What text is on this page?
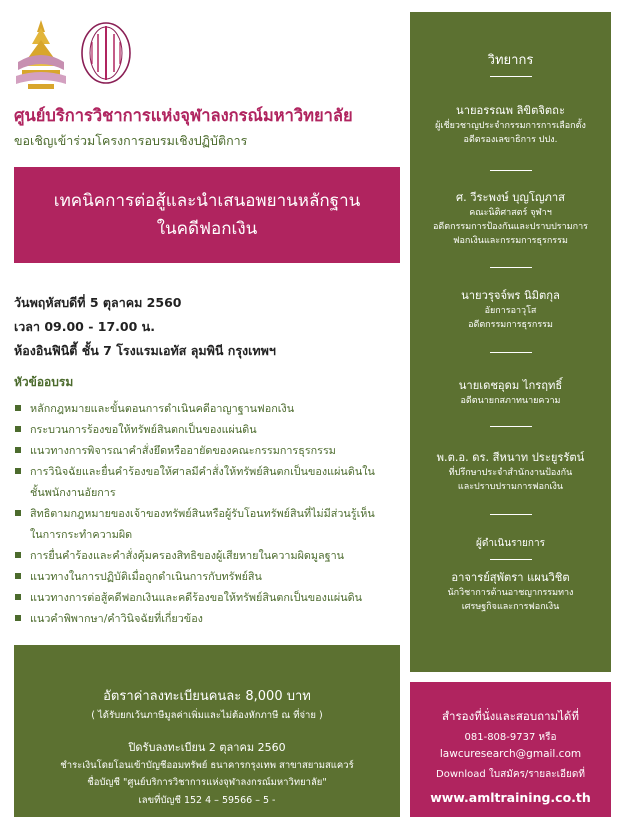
ศูนย์บริการวิชาการแห่งจุฬาลงกรณ์มหาวิทยาลัย
ขอเชิญเข้าร่วมโครงการอบรมเชิงปฏิบัติการ
เทคนิคการต่อสู้และนำเสนอพยานหลักฐาน
ในคดีฟอกเงิน
วันพฤหัสบดีที่ 5 ตุลาคม 2560
เวลา 09.00 - 17.00 น.
ห้องอินฟินิตี้ ชั้น 7 โรงแรมเอทัส ลุมพินี กรุงเทพฯ
หัวข้ออบรม
หลักกฎหมายและขั้นตอนการดำเนินคดีอาญาฐานฟอกเงิน
กระบวนการร้องขอให้ทรัพย์สินตกเป็นของแผ่นดิน
แนวทางการพิจารณาคำสั่งยึดหรืออายัดของคณะกรรมการธุรกรรม
การวินิจฉัยและยื่นคำร้องขอให้ศาลมีคำสั่งให้ทรัพย์สินตกเป็นของแผ่นดินใน
ชั้นพนักงานอัยการ
สิทธิตามกฎหมายของเจ้าของทรัพย์สินหรือผู้รับโอนทรัพย์สินที่ไม่มีส่วนรู้เห็น
ในการกระทำความผิด
การยื่นคำร้องและคำสั่งคุ้มครองสิทธิของผู้เสียหายในความผิดมูลฐาน
แนวทางในการปฏิบัติเมื่อถูกดำเนินการกับทรัพย์สิน
แนวทางการต่อสู้คดีฟอกเงินและคดีร้องขอให้ทรัพย์สินตกเป็นของแผ่นดิน
แนวคำพิพากษา/คำวินิจฉัยที่เกี่ยวข้อง
อัตราค่าลงทะเบียนคนละ 8,000 บาท
( ได้รับยกเว้นภาษีมูลค่าเพิ่มและไม่ต้องหักภาษี ณ ที่จ่าย )
ปิดรับลงทะเบียน 2 ตุลาคม 2560
ชำระเงินโดยโอนเข้าบัญชีออมทรัพย์ ธนาคารกรุงเทพ สาขาสยามสแควร์
ชื่อบัญชี "ศูนย์บริการวิชาการแห่งจุฬาลงกรณ์มหาวิทยาลัย"
เลขที่บัญชี 152 4 – 59566 – 5 -
วิทยากร
นายอรรณพ ลิขิตจิตถะ
ผู้เชี่ยวชาญประจำกรรมการการเลือกตั้ง
อดีตรองเลขาธิการ ปปง.
ศ. วีระพงษ์ บุญโญภาส
คณะนิติศาสตร์ จุฬาฯ
อดีตกรรมการป้องกันและปราบปรามการ
ฟอกเงินและกรรมการธุรกรรม
นายวรุจจ์พร นิมิตกุล
อัยการอาวุโส
อดีตกรรมการธุรกรรม
นายเดชอุดม ไกรฤทธิ์
อดีตนายกสภาทนายความ
พ.ต.อ. ดร. สีหนาท ประยูรรัตน์
ที่ปรึกษาประจำสำนักงานป้องกัน
และปราบปรามการฟอกเงิน
ผู้ดำเนินรายการ
อาจารย์สุพัตรา แผนวิชิต
นักวิชาการด้านอาชญากรรมทาง
เศรษฐกิจและการฟอกเงิน
สำรองที่นั่งและสอบถามได้ที่
081-808-9737 หรือ
lawcuresearch@gmail.com
Download ใบสมัคร/รายละเอียดที่
www.amltraining.co.th
